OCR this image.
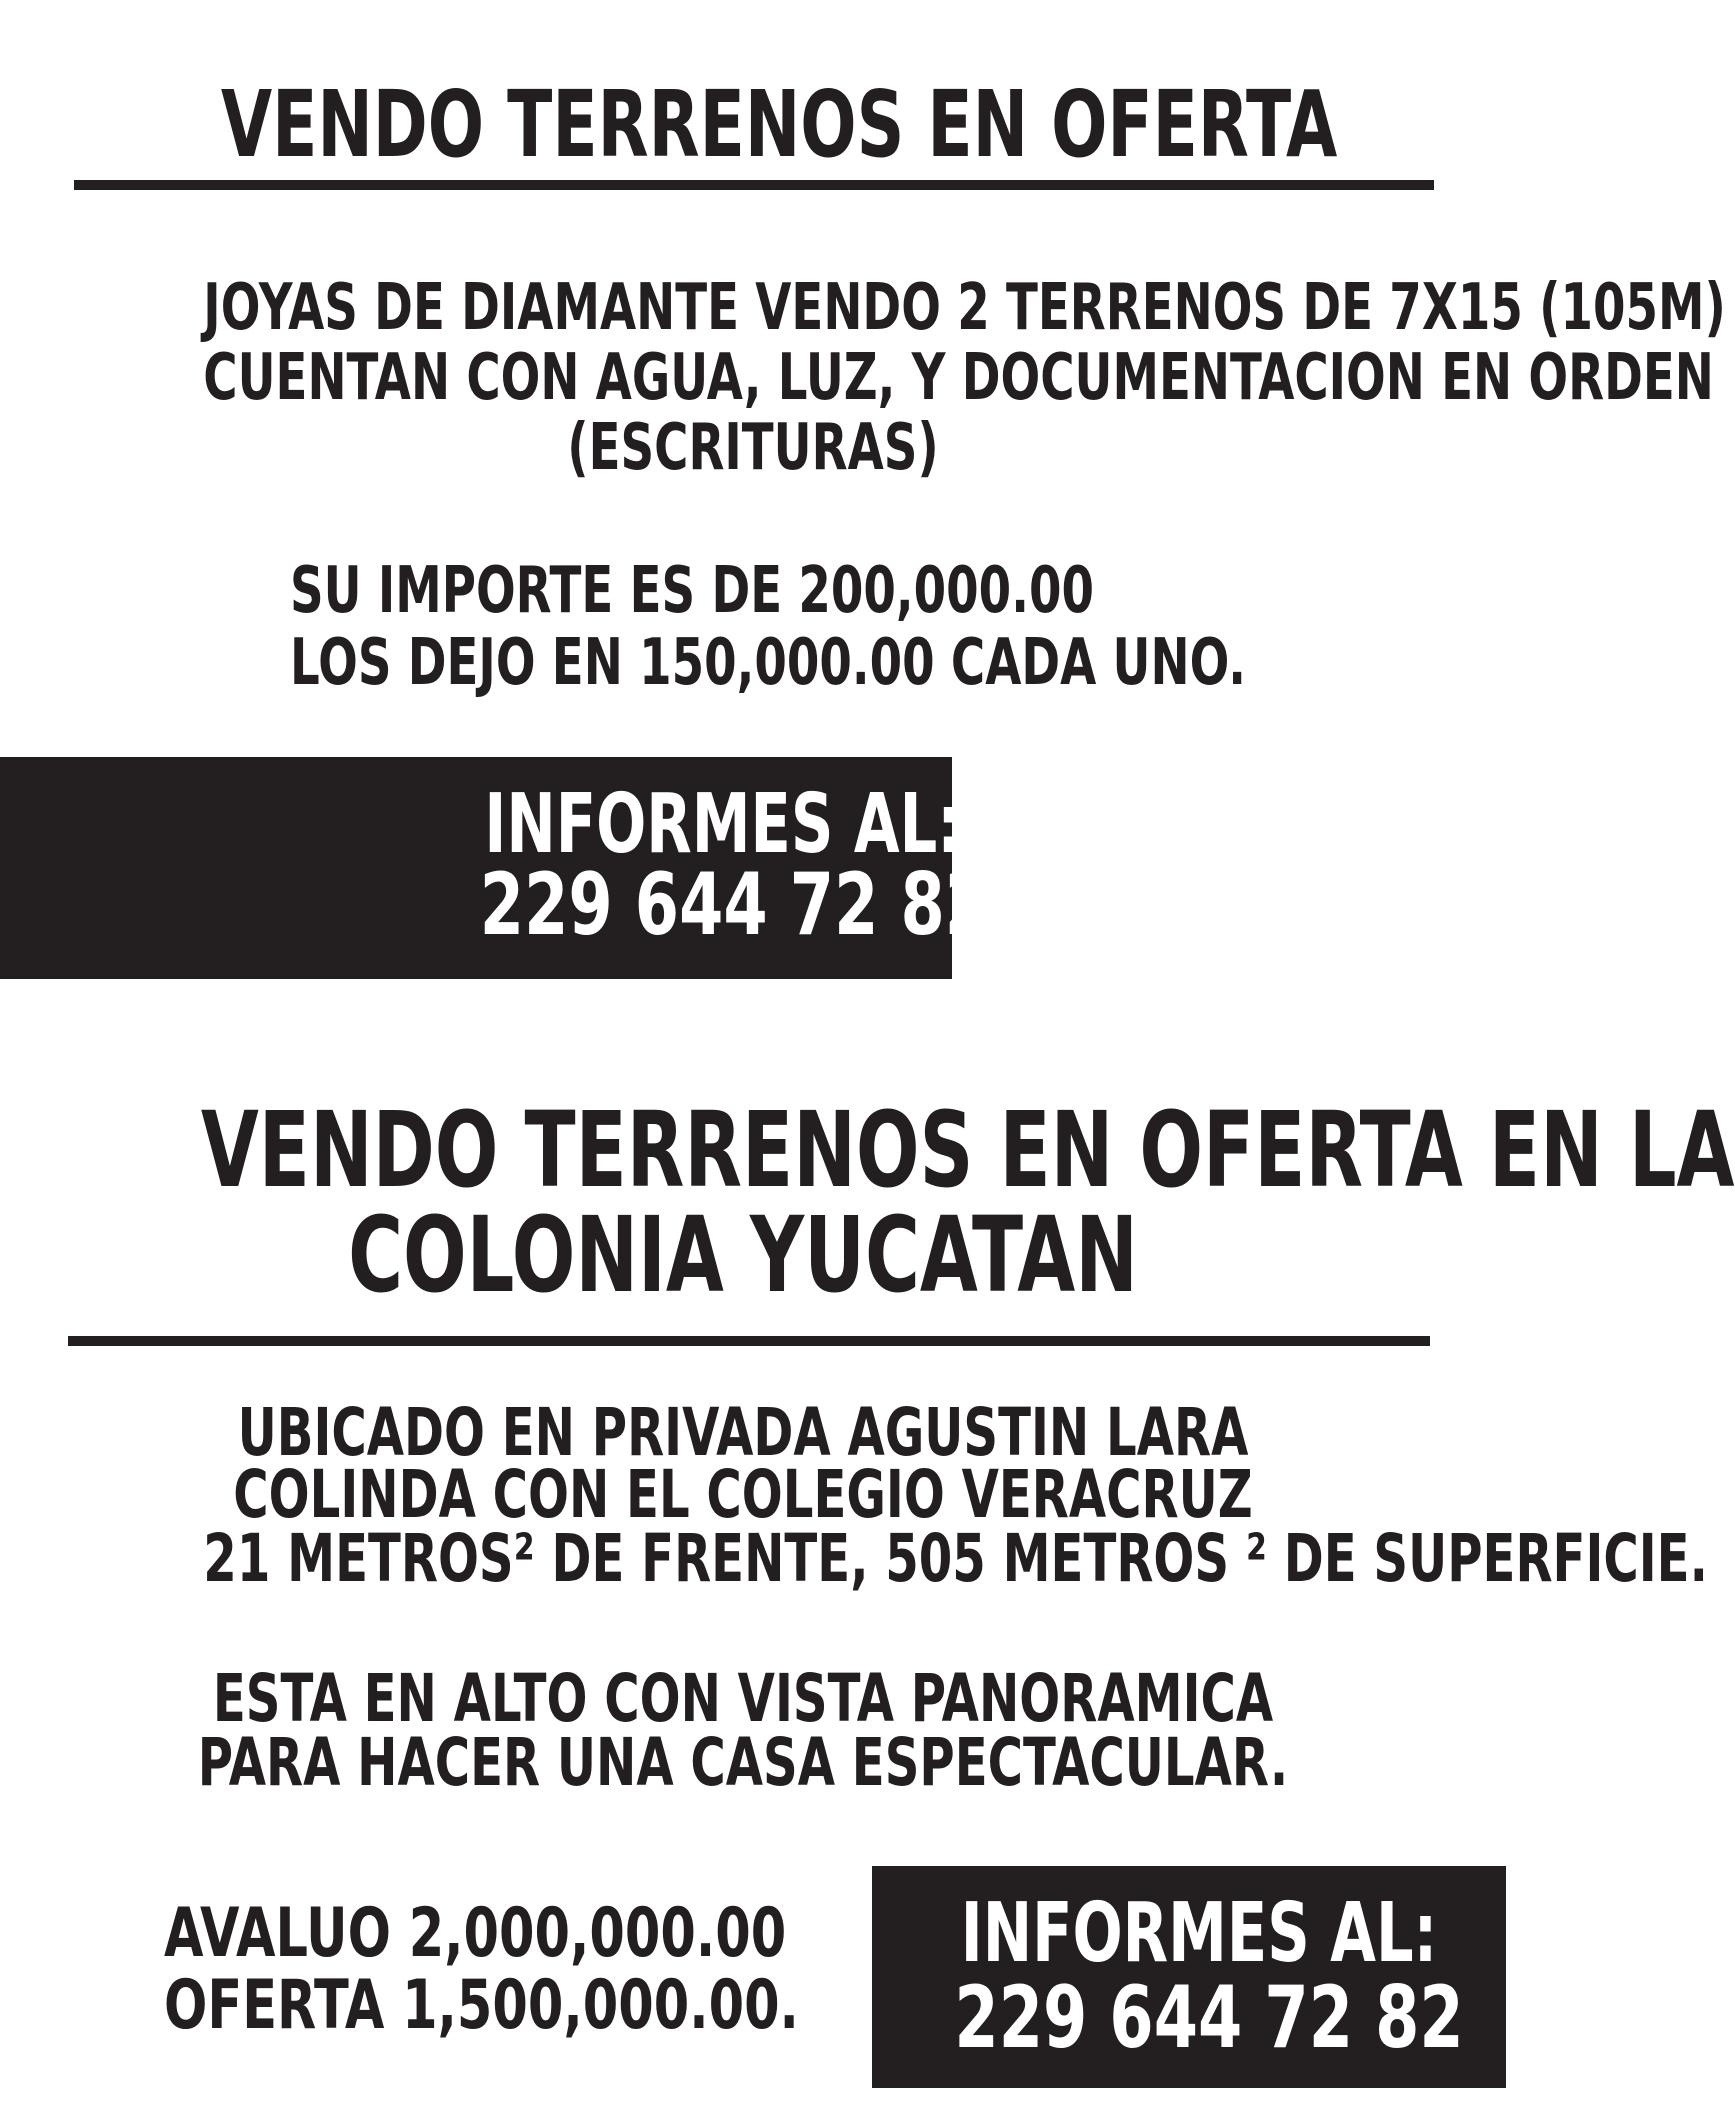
VENDO TERRENOS EN OFERTA
JOYAS DE DIAMANTE VENDO 2 TERRENOS DE 7X15 (105M)
CUENTAN CON AGUA, LUZ, Y DOCUMENTACION EN ORDEN
(ESCRITURAS)
SU IMPORTE ES DE 200,000.00
LOS DEJO EN 150,000.00 CADA UNO.
INFORMES AL:
229 644 72 82
VENDO TERRENOS EN OFERTA EN LA
COLONIA YUCATAN
UBICADO EN PRIVADA AGUSTIN LARA
COLINDA CON EL COLEGIO VERACRUZ
21 METROS² DE FRENTE, 505 METROS ² DE SUPERFICIE.
ESTA EN ALTO CON VISTA PANORAMICA
PARA HACER UNA CASA ESPECTACULAR.
AVALUO 2,000,000.00
OFERTA 1,500,000.00.
INFORMES AL:
229 644 72 82
